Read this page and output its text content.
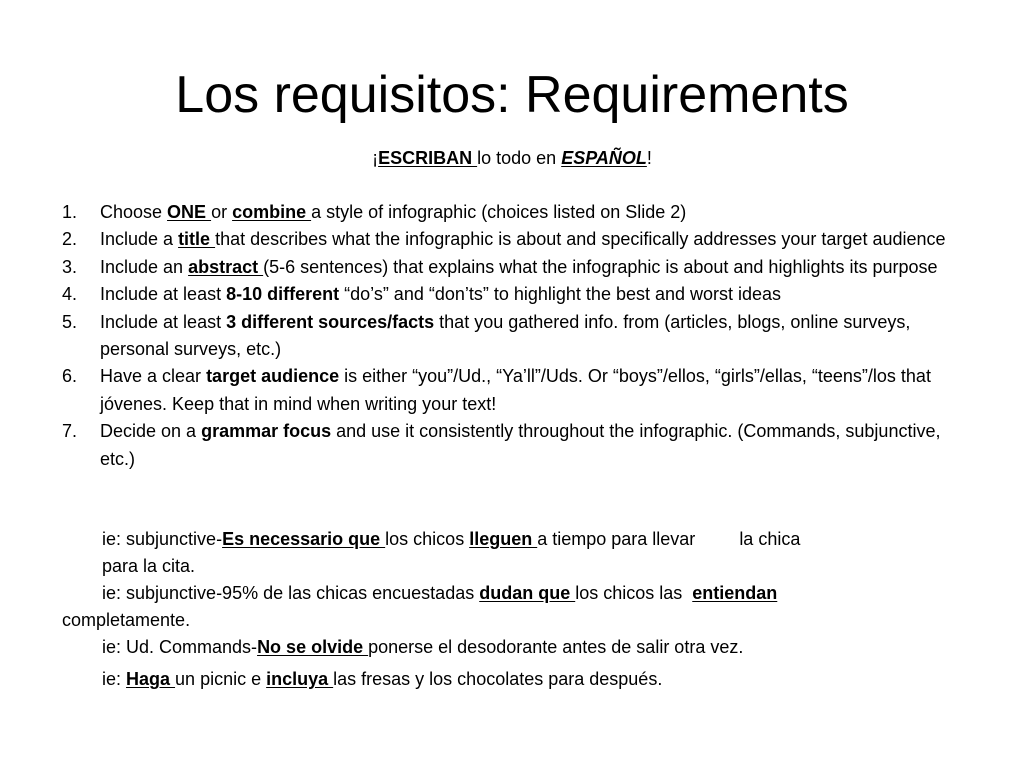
Los requisitos: Requirements
¡ESCRIBAN lo todo en ESPAÑOL!
1. Choose ONE or combine a style of infographic (choices listed on Slide 2)
2. Include a title that describes what the infographic is about and specifically addresses your target audience
3. Include an abstract (5-6 sentences) that explains what the infographic is about and highlights its purpose
4. Include at least 8-10 different “do’s” and “don’ts” to highlight the best and worst ideas
5. Include at least 3 different sources/facts that you gathered info. from (articles, blogs, online surveys, personal surveys, etc.)
6. Have a clear target audience is either “you”/Ud., “Ya’ll”/Uds. Or “boys”/ellos, “girls”/ellas, “teens”/los that jóvenes. Keep that in mind when writing your text!
7. Decide on a grammar focus and use it consistently throughout the infographic. (Commands, subjunctive, etc.)
ie: subjunctive-Es necessario que los chicos lleguen a tiempo para llevar la chica
para la cita.
ie: subjunctive-95% de las chicas encuestadas dudan que los chicos las entiendan
completamente.
ie: Ud. Commands-No se olvide ponerse el desodorante antes de salir otra vez.
ie: Haga un picnic e incluya las fresas y los chocolates para después.
